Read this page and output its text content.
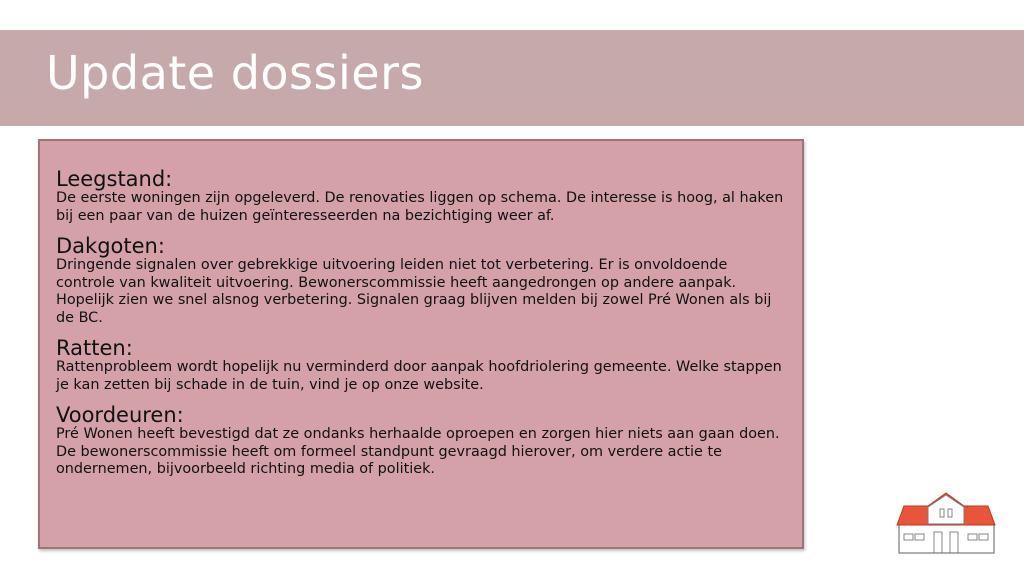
Update dossiers
Leegstand:

De eerste woningen zijn opgeleverd. De renovaties liggen op schema. De interesse is hoog, al haken bij een paar van de huizen geïnteresseerden na bezichtiging weer af.

Dakgoten:

Dringende signalen over gebrekkige uitvoering leiden niet tot verbetering. Er is onvoldoende controle van kwaliteit uitvoering. Bewonerscommissie heeft aangedrongen op andere aanpak. Hopelijk zien we snel alsnog verbetering. Signalen graag blijven melden bij zowel Pré Wonen als bij de BC.

Ratten:

Rattenprobleem wordt hopelijk nu verminderd door aanpak hoofdriolering gemeente. Welke stappen je kan zetten bij schade in de tuin, vind je op onze website.

Voordeuren:

Pré Wonen heeft bevestigd dat ze ondanks herhaalde oproepen en zorgen hier niets aan gaan doen. De bewonerscommissie heeft om formeel standpunt gevraagd hierover, om verdere actie te ondernemen, bijvoorbeeld richting media of politiek.
